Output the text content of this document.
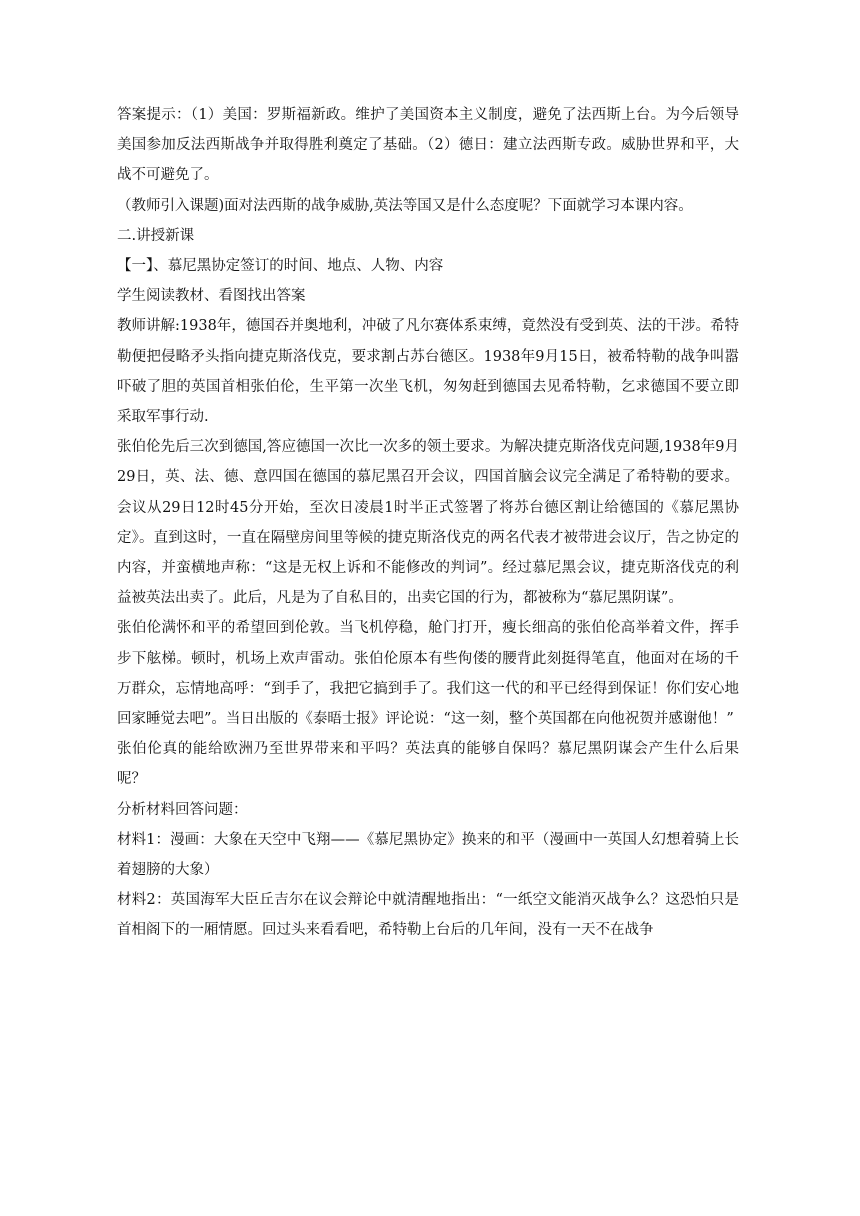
答案提示：（1）美国：罗斯福新政。维护了美国资本主义制度，避免了法西斯上台。为今后领导美国参加反法西斯战争并取得胜利奠定了基础。（2）德日：建立法西斯专政。威胁世界和平，大战不可避免了。

（教师引入课题)面对法西斯的战争威胁,英法等国又是什么态度呢？下面就学习本课内容。

二.讲授新课

【一】、慕尼黑协定签订的时间、地点、人物、内容

学生阅读教材、看图找出答案

教师讲解:1938年，德国吞并奥地利，冲破了凡尔赛体系束缚，竟然没有受到英、法的干涉。希特勒便把侵略矛头指向捷克斯洛伐克，要求割占苏台德区。1938年9月15日，被希特勒的战争叫嚣吓破了胆的英国首相张伯伦，生平第一次坐飞机，匆匆赶到德国去见希特勒，乞求德国不要立即采取军事行动.

张伯伦先后三次到德国,答应德国一次比一次多的领土要求。为解决捷克斯洛伐克问题,1938年9月29日，英、法、德、意四国在德国的慕尼黑召开会议，四国首脑会议完全满足了希特勒的要求。会议从29日12时45分开始，至次日凌晨1时半正式签署了将苏台德区割让给德国的《慕尼黑协定》。直到这时，一直在隔壁房间里等候的捷克斯洛伐克的两名代表才被带进会议厅，告之协定的内容，并蛮横地声称：“这是无权上诉和不能修改的判词”。经过慕尼黑会议，捷克斯洛伐克的利益被英法出卖了。此后，凡是为了自私目的，出卖它国的行为，都被称为“慕尼黑阴谋”。

张伯伦满怀和平的希望回到伦敦。当飞机停稳，舱门打开，瘦长细高的张伯伦高举着文件，挥手步下舷梯。顿时，机场上欢声雷动。张伯伦原本有些佝偻的腰背此刻挺得笔直，他面对在场的千万群众，忘情地高呼：“到手了，我把它搞到手了。我们这一代的和平已经得到保证！你们安心地回家睡觉去吧”。当日出版的《泰晤士报》评论说：“这一刻，整个英国都在向他祝贺并感谢他！”

张伯伦真的能给欧洲乃至世界带来和平吗？英法真的能够自保吗？慕尼黑阴谋会产生什么后果呢？

分析材料回答问题：

材料1：漫画：大象在天空中飞翔——《慕尼黑协定》换来的和平（漫画中一英国人幻想着骑上长着翅膀的大象）

材料2：英国海军大臣丘吉尔在议会辩论中就清醒地指出：“一纸空文能消灭战争么？这恐怕只是首相阁下的一厢情愿。回过头来看看吧，希特勒上台后的几年间，没有一天不在战争
